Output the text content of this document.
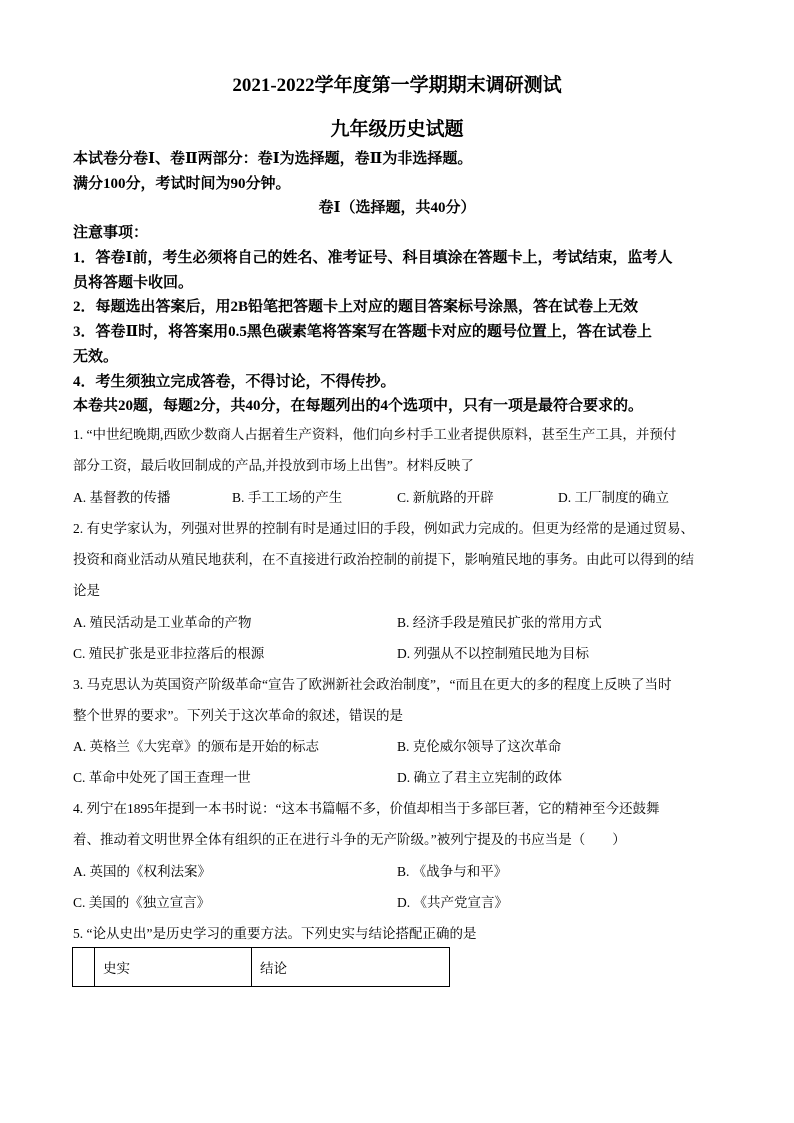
2021-2022学年度第一学期期末调研测试
九年级历史试题
本试卷分卷Ⅰ、卷Ⅱ两部分：卷Ⅰ为选择题，卷Ⅱ为非选择题。
满分100分，考试时间为90分钟。
卷Ⅰ（选择题，共40分）
注意事项：
1．答卷Ⅰ前，考生必须将自己的姓名、准考证号、科目填涂在答题卡上，考试结束，监考人
员将答题卡收回。
2．每题选出答案后，用2B铅笔把答题卡上对应的题目答案标号涂黑，答在试卷上无效
3．答卷Ⅱ时，将答案用0.5黑色碳素笔将答案写在答题卡对应的题号位置上，答在试卷上
无效。
4．考生须独立完成答卷，不得讨论，不得传抄。
本卷共20题，每题2分，共40分，在每题列出的4个选项中，只有一项是最符合要求的。
1. “中世纪晚期,西欧少数商人占据着生产资料，他们向乡村手工业者提供原料，甚至生产工具，并预付
部分工资，最后收回制成的产品,并投放到市场上出售”。材料反映了
A. 基督教的传播	B. 手工工场的产生	C. 新航路的开辟	D. 工厂制度的确立
2. 有史学家认为，列强对世界的控制有时是通过旧的手段，例如武力完成的。但更为经常的是通过贸易、
投资和商业活动从殖民地获利，在不直接进行政治控制的前提下，影响殖民地的事务。由此可以得到的结
论是
A. 殖民活动是工业革命的产物	B. 经济手段是殖民扩张的常用方式
C. 殖民扩张是亚非拉落后的根源	D. 列强从不以控制殖民地为目标
3. 马克思认为英国资产阶级革命“宣告了欧洲新社会政治制度”，“而且在更大的多的程度上反映了当时
整个世界的要求”。下列关于这次革命的叙述，错误的是
A. 英格兰《大宪章》的颁布是开始的标志	B. 克伦威尔领导了这次革命
C. 革命中处死了国王查理一世	D. 确立了君主立宪制的政体
4. 列宁在1895年提到一本书时说：“这本书篇幅不多，价值却相当于多部巨著，它的精神至今还鼓舞
着、推动着文明世界全体有组织的正在进行斗争的无产阶级。”被列宁提及的书应当是（　　）
A. 英国的《权利法案》	B. 《战争与和平》
C. 美国的《独立宣言》	D. 《共产党宣言》
5. “论从史出”是历史学习的重要方法。下列史实与结论搭配正确的是
	史实	结论
